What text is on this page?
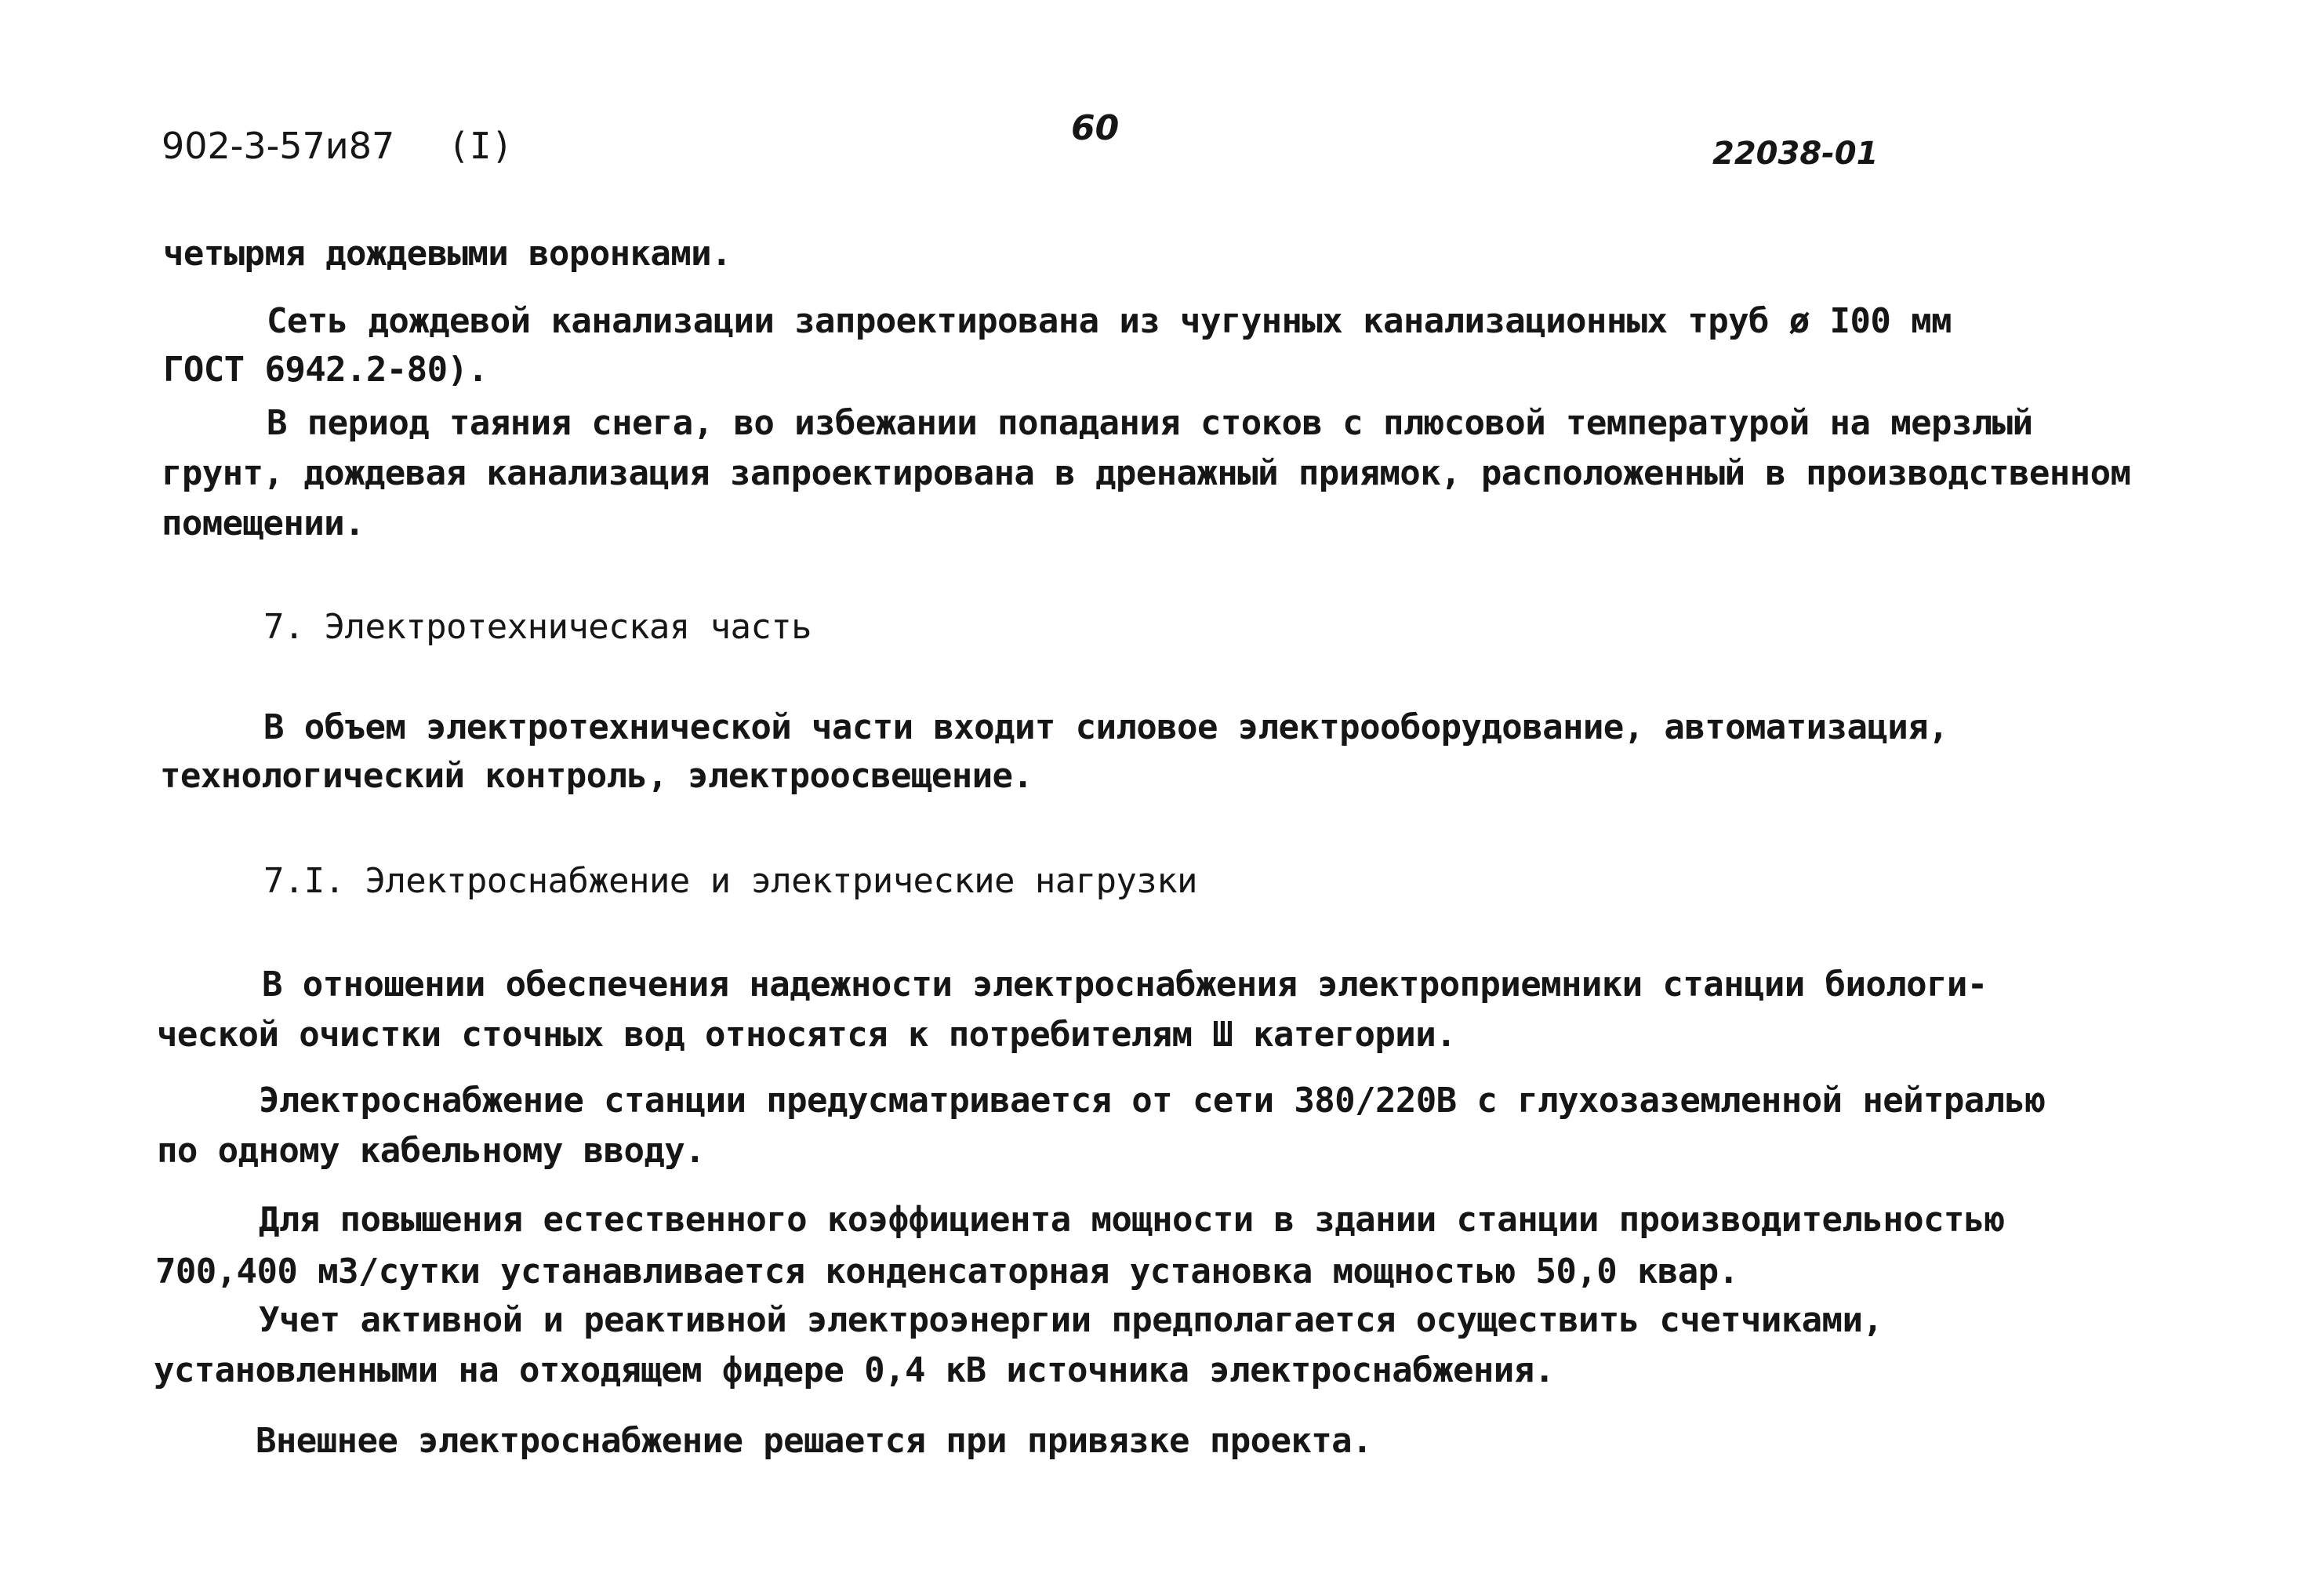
902-3-57и87 (I)	60
22038-01
четырмя дождевыми воронками.
Сеть дождевой канализации запроектирована из чугунных канализационных труб ø I00 мм
ГОСТ 6942.2-80).
В период таяния снега, во избежании попадания стоков с плюсовой температурой на мерзлый
грунт, дождевая канализация запроектирована в дренажный приямок, расположенный в производственном
помещении.
7. Электротехническая часть
В объем электротехнической части входит силовое электрооборудование, автоматизация,
технологический контроль, электроосвещение.
7.I. Электроснабжение и электрические нагрузки
В отношении обеспечения надежности электроснабжения электроприемники станции биологи-
ческой очистки сточных вод относятся к потребителям Ш категории.
Электроснабжение станции предусматривается от сети 380/220В с глухозаземленной нейтралью
по одному кабельному вводу.
Для повышения естественного коэффициента мощности в здании станции производительностью
700,400 м3/сутки устанавливается конденсаторная установка мощностью 50,0 квар.
Учет активной и реактивной электроэнергии предполагается осуществить счетчиками,
установленными на отходящем фидере 0,4 кВ источника электроснабжения.
Внешнее электроснабжение решается при привязке проекта.
